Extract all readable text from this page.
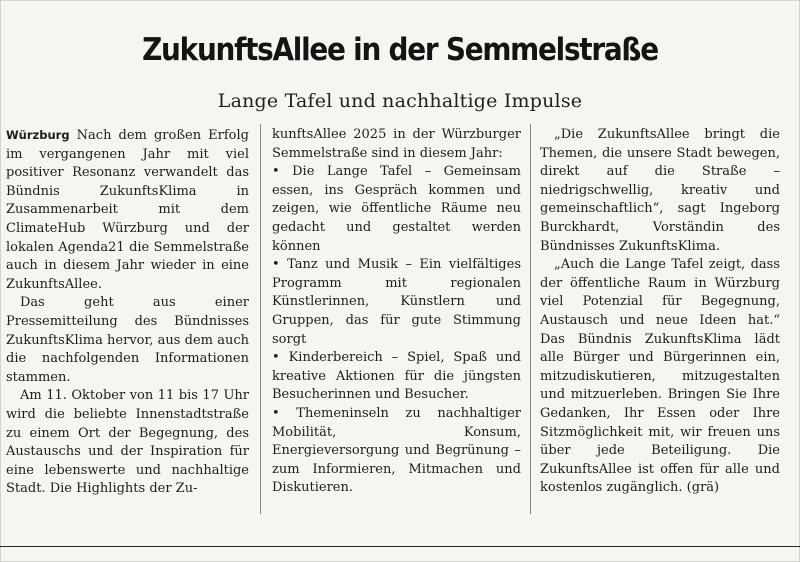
ZukunftsAllee in der Semmelstraße
Lange Tafel und nachhaltige Impulse

Würzburg Nach dem großen Erfolg im vergangenen Jahr mit viel positiver Resonanz verwandelt das Bündnis ZukunftsKlima in Zusammenarbeit mit dem ClimateHub Würzburg und der lokalen Agenda21 die Semmelstraße auch in diesem Jahr wieder in eine ZukunftsAllee.

Das geht aus einer Pressemitteilung des Bündnisses ZukunftsKlima hervor, aus dem auch die nachfolgenden Informationen stammen.

Am 11. Oktober von 11 bis 17 Uhr wird die beliebte Innenstadtstraße zu einem Ort der Begegnung, des Austauschs und der Inspiration für eine lebenswerte und nachhaltige Stadt. Die Highlights der Zu-

kunftsAllee 2025 in der Würzburger Semmelstraße sind in diesem Jahr:

• Die Lange Tafel – Gemeinsam essen, ins Gespräch kommen und zeigen, wie öffentliche Räume neu gedacht und gestaltet werden können

• Tanz und Musik – Ein vielfältiges Programm mit regionalen Künstlerinnen, Künstlern und Gruppen, das für gute Stimmung sorgt

• Kinderbereich – Spiel, Spaß und kreative Aktionen für die jüngsten Besucherinnen und Besucher.

• Themeninseln zu nachhaltiger Mobilität, Konsum, Energieversorgung und Begrünung – zum Informieren, Mitmachen und Diskutieren.

„Die ZukunftsAllee bringt die Themen, die unsere Stadt bewegen, direkt auf die Straße – niedrigschwellig, kreativ und gemeinschaftlich“, sagt Ingeborg Burckhardt, Vorständin des Bündnisses ZukunftsKlima.

„Auch die Lange Tafel zeigt, dass der öffentliche Raum in Würzburg viel Potenzial für Begegnung, Austausch und neue Ideen hat.“ Das Bündnis ZukunftsKlima lädt alle Bürger und Bürgerinnen ein, mitzudiskutieren, mitzugestalten und mitzuerleben. Bringen Sie Ihre Gedanken, Ihr Essen oder Ihre Sitzmöglichkeit mit, wir freuen uns über jede Beteiligung. Die ZukunftsAllee ist offen für alle und kostenlos zugänglich. (grä)
